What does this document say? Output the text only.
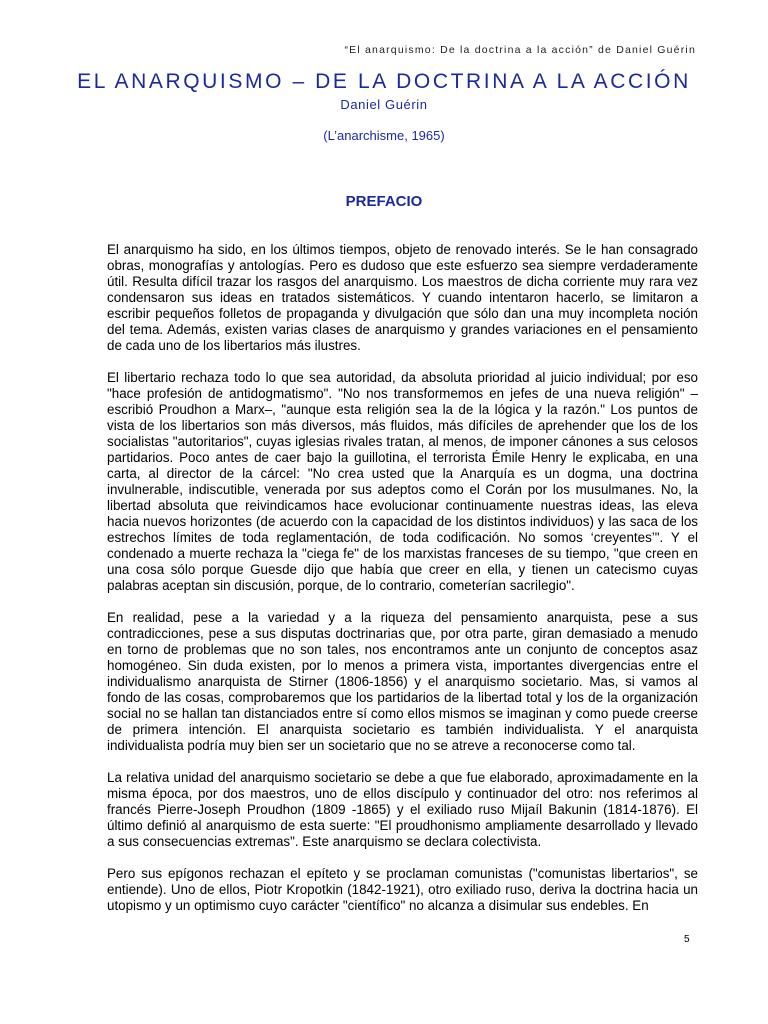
“El anarquismo: De la doctrina a la acción” de Daniel Guérin
EL ANARQUISMO – DE LA DOCTRINA A LA ACCIÓN
Daniel Guérin
(L’anarchisme, 1965)
PREFACIO

El anarquismo ha sido, en los últimos tiempos, objeto de renovado interés. Se le han consagrado obras, monografías y antologías. Pero es dudoso que este esfuerzo sea siempre verdaderamente útil. Resulta difícil trazar los rasgos del anarquismo. Los maestros de dicha corriente muy rara vez condensaron sus ideas en tratados sistemáticos. Y cuando intentaron hacerlo, se limitaron a escribir pequeños folletos de propaganda y divulgación que sólo dan una muy incompleta noción del tema. Además, existen varias clases de anarquismo y grandes variaciones en el pensamiento de cada uno de los libertarios más ilustres.

El libertario rechaza todo lo que sea autoridad, da absoluta prioridad al juicio individual; por eso "hace profesión de antidogmatismo". "No nos transformemos en jefes de una nueva religión" – escribió Proudhon a Marx–, "aunque esta religión sea la de la lógica y la razón." Los puntos de vista de los libertarios son más diversos, más fluidos, más difíciles de aprehender que los de los socialistas "autoritarios", cuyas iglesias rivales tratan, al menos, de imponer cánones a sus celosos partidarios. Poco antes de caer bajo la guillotina, el terrorista Émile Henry le explicaba, en una carta, al director de la cárcel: "No crea usted que la Anarquía es un dogma, una doctrina invulnerable, indiscutible, venerada por sus adeptos como el Corán por los musulmanes. No, la libertad absoluta que reivindicamos hace evolucionar continuamente nuestras ideas, las eleva hacia nuevos horizontes (de acuerdo con la capacidad de los distintos individuos) y las saca de los estrechos límites de toda reglamentación, de toda codificación. No somos ‘creyentes’". Y el condenado a muerte rechaza la "ciega fe" de los marxistas franceses de su tiempo, "que creen en una cosa sólo porque Guesde dijo que había que creer en ella, y tienen un catecismo cuyas palabras aceptan sin discusión, porque, de lo contrario, cometerían sacrilegio".

En realidad, pese a la variedad y a la riqueza del pensamiento anarquista, pese a sus contradicciones, pese a sus disputas doctrinarias que, por otra parte, giran demasiado a menudo en torno de problemas que no son tales, nos encontramos ante un conjunto de conceptos asaz homogéneo. Sin duda existen, por lo menos a primera vista, importantes divergencias entre el individualismo anarquista de Stirner (1806-1856) y el anarquismo societario. Mas, si vamos al fondo de las cosas, comprobaremos que los partidarios de la libertad total y los de la organización social no se hallan tan distanciados entre sí como ellos mismos se imaginan y como puede creerse de primera intención. El anarquista societario es también individualista. Y el anarquista individualista podría muy bien ser un societario que no se atreve a reconocerse como tal.

La relativa unidad del anarquismo societario se debe a que fue elaborado, aproximadamente en la misma época, por dos maestros, uno de ellos discípulo y continuador del otro: nos referimos al francés Pierre-Joseph Proudhon (1809 -1865) y el exiliado ruso Mijaíl Bakunin (1814-1876). El último definió al anarquismo de esta suerte: "El proudhonismo ampliamente desarrollado y llevado a sus consecuencias extremas". Este anarquismo se declara colectivista.

Pero sus epígonos rechazan el epíteto y se proclaman comunistas ("comunistas libertarios", se entiende). Uno de ellos, Piotr Kropotkin (1842-1921), otro exiliado ruso, deriva la doctrina hacia un utopismo y un optimismo cuyo carácter "científico" no alcanza a disimular sus endebles. En

5
